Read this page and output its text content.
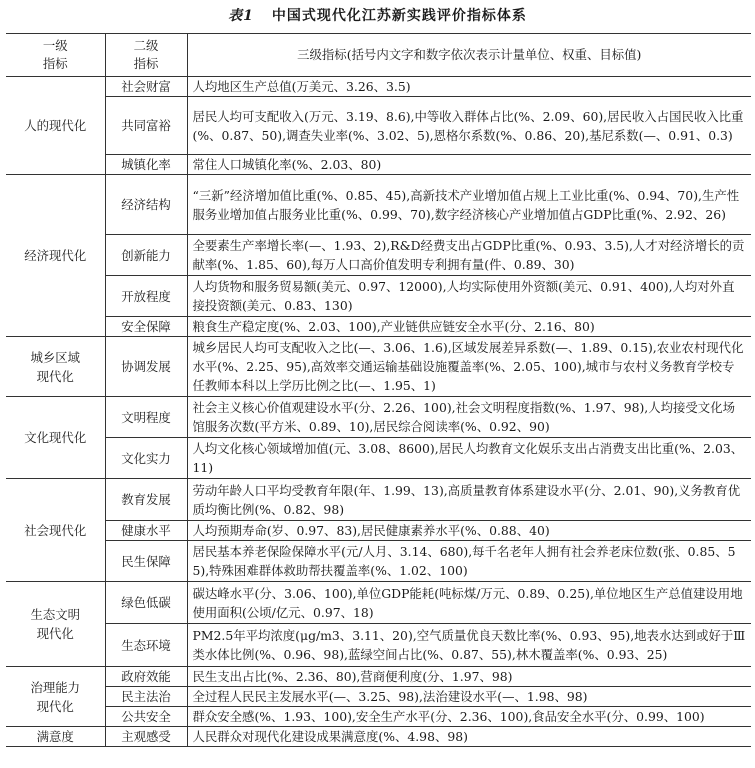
表1 中国式现代化江苏新实践评价指标体系
一级
指标	二级
指标	三级指标(括号内文字和数字依次表示计量单位、权重、目标值)
人的现代化	社会财富	人均地区生产总值(万美元、3.26、3.5)
	共同富裕	居民人均可支配收入(万元、3.19、8.6),中等收入群体占比(%、2.09、60),居民收入占国民收入比重(%、0.87、50),调查失业率(%、3.02、5),恩格尔系数(%、0.86、20),基尼系数(—、0.91、0.3)
	城镇化率	常住人口城镇化率(%、2.03、80)
经济现代化	经济结构	“三新”经济增加值比重(%、0.85、45),高新技术产业增加值占规上工业比重(%、0.94、70),生产性服务业增加值占服务业比重(%、0.99、70),数字经济核心产业增加值占GDP比重(%、2.92、26)
	创新能力	全要素生产率增长率(—、1.93、2),R&D经费支出占GDP比重(%、0.93、3.5),人才对经济增长的贡献率(%、1.85、60),每万人口高价值发明专利拥有量(件、0.89、30)
	开放程度	人均货物和服务贸易额(美元、0.97、12000),人均实际使用外资额(美元、0.91、400),人均对外直接投资额(美元、0.83、130)
	安全保障	粮食生产稳定度(%、2.03、100),产业链供应链安全水平(分、2.16、80)
城乡区域
现代化	协调发展	城乡居民人均可支配收入之比(—、3.06、1.6),区域发展差异系数(—、1.89、0.15),农业农村现代化水平(%、2.25、95),高效率交通运输基础设施覆盖率(%、2.05、100),城市与农村义务教育学校专任教师本科以上学历比例之比(—、1.95、1)
文化现代化	文明程度	社会主义核心价值观建设水平(分、2.26、100),社会文明程度指数(%、1.97、98),人均接受文化场馆服务次数(平方米、0.89、10),居民综合阅读率(%、0.92、90)
	文化实力	人均文化核心领域增加值(元、3.08、8600),居民人均教育文化娱乐支出占消费支出比重(%、2.03、11)
社会现代化	教育发展	劳动年龄人口平均受教育年限(年、1.99、13),高质量教育体系建设水平(分、2.01、90),义务教育优质均衡比例(%、0.82、98)
	健康水平	人均预期寿命(岁、0.97、83),居民健康素养水平(%、0.88、40)
	民生保障	居民基本养老保险保障水平(元/人月、3.14、680),每千名老年人拥有社会养老床位数(张、0.85、55),特殊困难群体救助帮扶覆盖率(%、1.02、100)
生态文明
现代化	绿色低碳	碳达峰水平(分、3.06、100),单位GDP能耗(吨标煤/万元、0.89、0.25),单位地区生产总值建设用地使用面积(公顷/亿元、0.97、18)
	生态环境	PM2.5年平均浓度(μg/m3、3.11、20),空气质量优良天数比率(%、0.93、95),地表水达到或好于Ⅲ类水体比例(%、0.96、98),蓝绿空间占比(%、0.87、55),林木覆盖率(%、0.93、25)
治理能力
现代化	政府效能	民生支出占比(%、2.36、80),营商便利度(分、1.97、98)
	民主法治	全过程人民民主发展水平(—、3.25、98),法治建设水平(—、1.98、98)
	公共安全	群众安全感(%、1.93、100),安全生产水平(分、2.36、100),食品安全水平(分、0.99、100)
满意度	主观感受	人民群众对现代化建设成果满意度(%、4.98、98)
